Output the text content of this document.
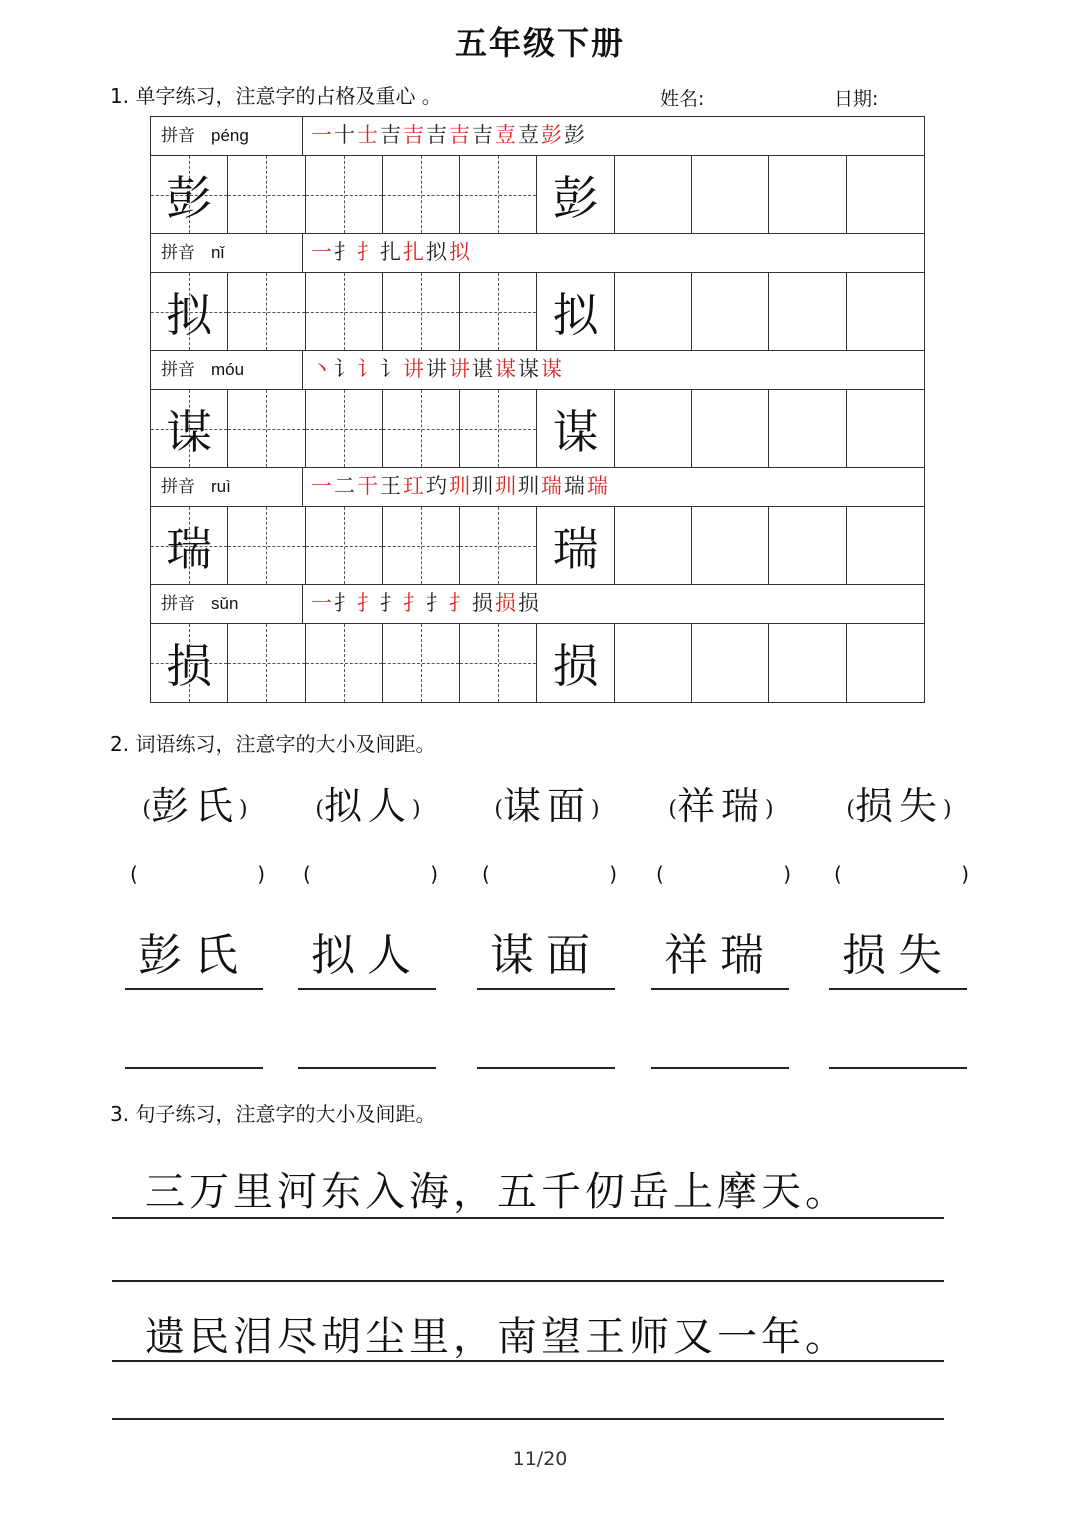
五年级下册
1. 单字练习，注意字的占格及重心 。	姓名:	日期:
拼音 péng	一十士吉吉吉吉吉壴壴彭彭
彭	彭
拼音 nǐ	一扌扌扎扎拟拟
拟	拟
拼音 móu	丶讠讠讠讲讲讲谌谋谋谋
谋	谋
拼音 ruì	一二干王玒玓玔玔玔玔瑞瑞瑞
瑞	瑞
拼音 sǔn	一扌扌扌扌扌扌损损损
损	损
2. 词语练习，注意字的大小及间距。
(彭氏)
(	)
彭氏
(拟人)
(	)
拟人
(谋面)
(	)
谋面
(祥瑞)
(	)
祥瑞
(损失)
(	)
损失
3. 句子练习，注意字的大小及间距。
三万里河东入海，五千仞岳上摩天。
遗民泪尽胡尘里，南望王师又一年。
11/20
